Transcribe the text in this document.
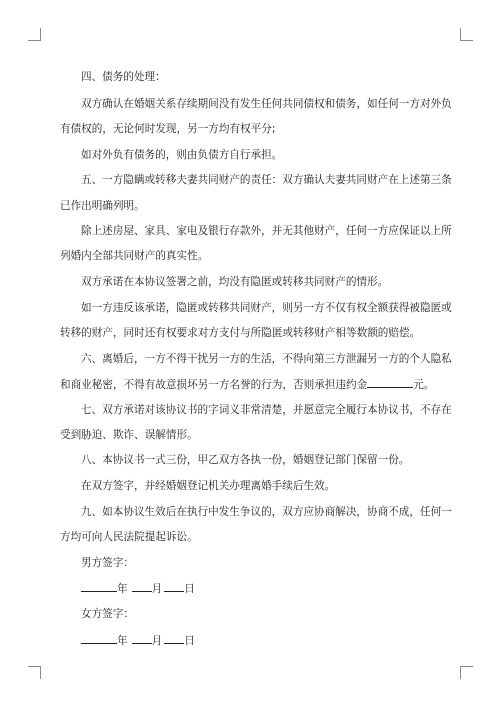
四、债务的处理：
双方确认在婚姻关系存续期间没有发生任何共同债权和债务，如任何一方对外负
有债权的，无论何时发现，另一方均有权平分;
如对外负有债务的，则由负债方自行承担。
五、一方隐瞒或转移夫妻共同财产的责任：双方确认夫妻共同财产在上述第三条
已作出明确列明。
除上述房屋、家具、家电及银行存款外，并无其他财产，任何一方应保证以上所
列婚内全部共同财产的真实性。
双方承诺在本协议签署之前，均没有隐匿或转移共同财产的情形。
如一方违反该承诺，隐匿或转移共同财产，则另一方不仅有权全额获得被隐匿或
转移的财产，同时还有权要求对方支付与所隐匿或转移财产相等数额的赔偿。
六、离婚后，一方不得干扰另一方的生活，不得向第三方泄漏另一方的个人隐私
和商业秘密，不得有故意损坏另一方名誉的行为，否则承担违约金	元。
七、双方承诺对该协议书的字词义非常清楚，并愿意完全履行本协议书，不存在
受到胁迫、欺诈、误解情形。
八、本协议书一式三份，甲乙双方各执一份，婚姻登记部门保留一份。
在双方签字，并经婚姻登记机关办理离婚手续后生效。
九、如本协议生效后在执行中发生争议的，双方应协商解决，协商不成，任何一
方均可向人民法院提起诉讼。
男方签字：
年 月 日
女方签字：
年 月 日
